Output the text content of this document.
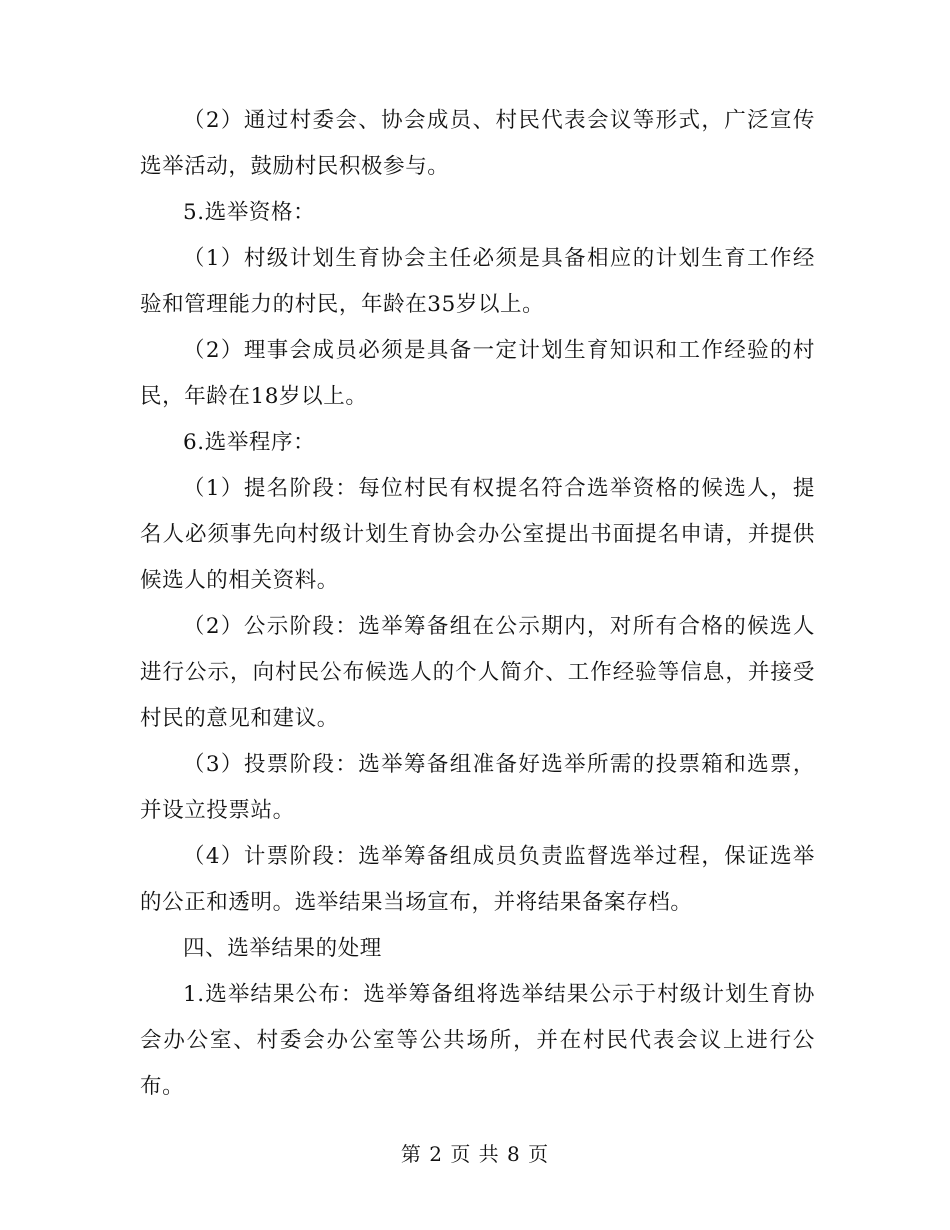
（2）通过村委会、协会成员、村民代表会议等形式，广泛宣传选举活动，鼓励村民积极参与。

5.选举资格：

（1）村级计划生育协会主任必须是具备相应的计划生育工作经验和管理能力的村民，年龄在35岁以上。

（2）理事会成员必须是具备一定计划生育知识和工作经验的村民，年龄在18岁以上。

6.选举程序：

（1）提名阶段：每位村民有权提名符合选举资格的候选人，提名人必须事先向村级计划生育协会办公室提出书面提名申请，并提供候选人的相关资料。

（2）公示阶段：选举筹备组在公示期内，对所有合格的候选人进行公示，向村民公布候选人的个人简介、工作经验等信息，并接受村民的意见和建议。

（3）投票阶段：选举筹备组准备好选举所需的投票箱和选票，并设立投票站。

（4）计票阶段：选举筹备组成员负责监督选举过程，保证选举的公正和透明。选举结果当场宣布，并将结果备案存档。

四、选举结果的处理

1.选举结果公布：选举筹备组将选举结果公示于村级计划生育协会办公室、村委会办公室等公共场所，并在村民代表会议上进行公布。

第 2 页 共 8 页
